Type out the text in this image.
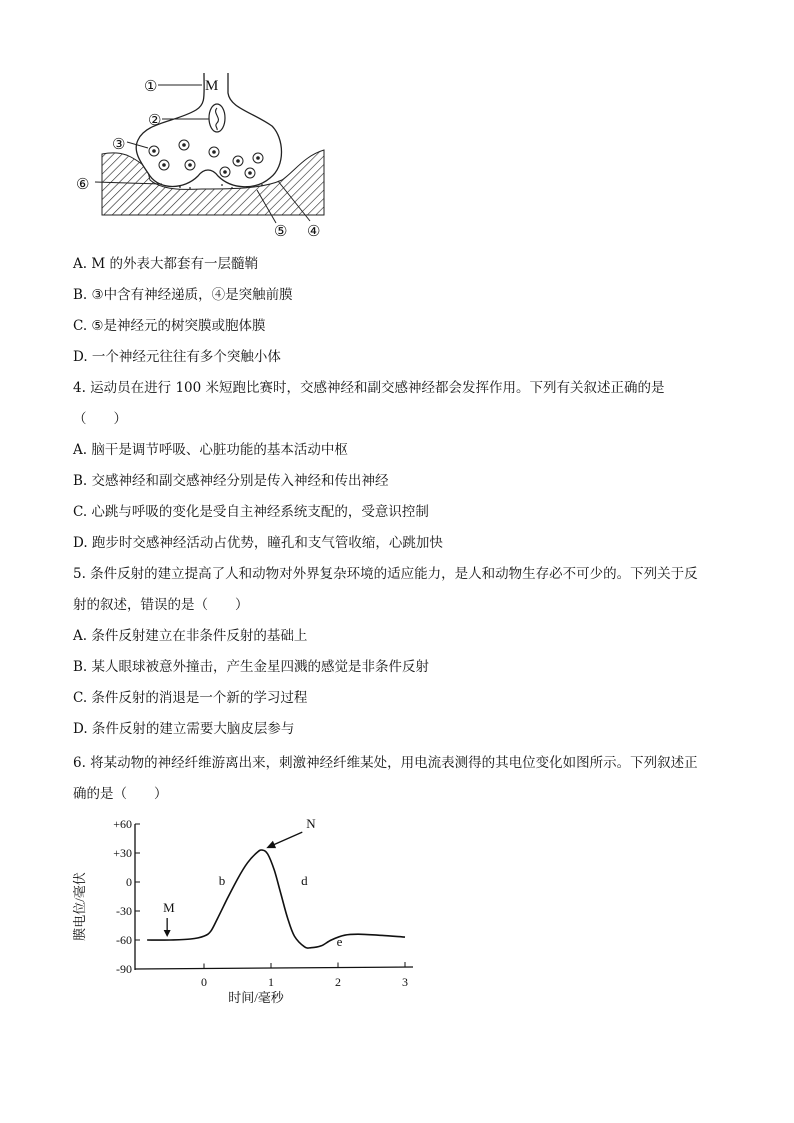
①
②
③
⑥
⑤ ④
M
A. M 的外表大都套有一层髓鞘
B. ③中含有神经递质，④是突触前膜
C. ⑤是神经元的树突膜或胞体膜
D. 一个神经元往往有多个突触小体
4. 运动员在进行 100 米短跑比赛时，交感神经和副交感神经都会发挥作用。下列有关叙述正确的是
（　　）
A. 脑干是调节呼吸、心脏功能的基本活动中枢
B. 交感神经和副交感神经分别是传入神经和传出神经
C. 心跳与呼吸的变化是受自主神经系统支配的，受意识控制
D. 跑步时交感神经活动占优势，瞳孔和支气管收缩，心跳加快
5. 条件反射的建立提高了人和动物对外界复杂环境的适应能力，是人和动物生存必不可少的。下列关于反
射的叙述，错误的是（　　）
A. 条件反射建立在非条件反射的基础上
B. 某人眼球被意外撞击，产生金星四溅的感觉是非条件反射
C. 条件反射的消退是一个新的学习过程
D. 条件反射的建立需要大脑皮层参与
6. 将某动物的神经纤维游离出来，刺激神经纤维某处，用电流表测得的其电位变化如图所示。下列叙述正
确的是（　　）
+60
+30
0
-30
-60
-90
0	1	2	3
时间/毫秒
膜电位/毫伏	b	d
e
M
N
